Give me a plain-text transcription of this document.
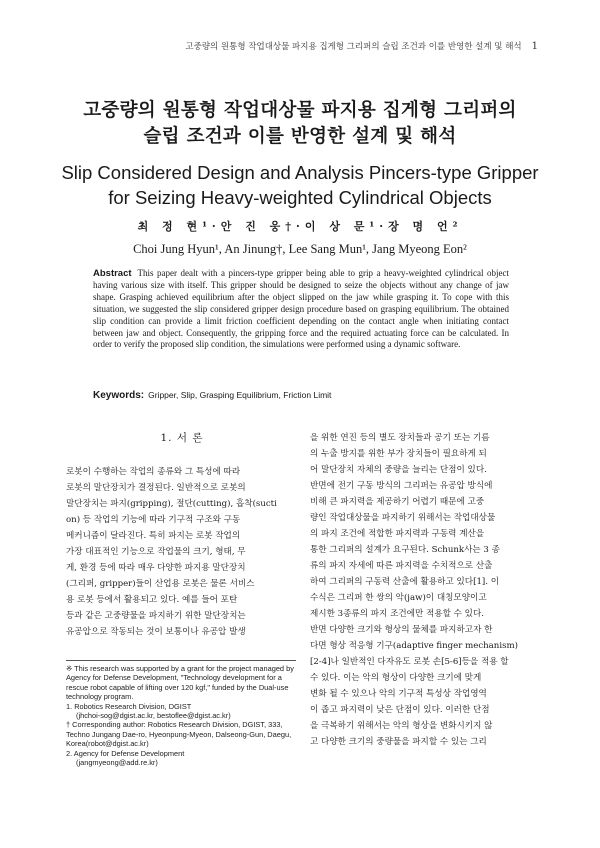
고중량의 원통형 작업대상물 파지용 집게형 그리퍼의 슬립 조건과 이를 반영한 설계 및 해석 1
고중량의 원통형 작업대상물 파지용 집게형 그리퍼의
슬립 조건과 이를 반영한 설계 및 해석
Slip Considered Design and Analysis Pincers-type Gripper
for Seizing Heavy-weighted Cylindrical Objects
최 정 현¹·안 진 웅†·이 상 문¹·장 명 언²
Choi Jung Hyun¹, An Jinung†, Lee Sang Mun¹, Jang Myeong Eon²
Abstract This paper dealt with a pincers-type gripper being able to grip a heavy-weighted cylindrical object having various size with itself. This gripper should be designed to seize the objects without any change of jaw shape. Grasping achieved equilibrium after the object slipped on the jaw while grasping it. To cope with this situation, we suggested the slip considered gripper design procedure based on grasping equilibrium. The obtained slip condition can provide a limit friction coefficient depending on the contact angle when initiating contact between jaw and object. Consequently, the gripping force and the required actuating force can be calculated. In order to verify the proposed slip condition, the simulations were performed using a dynamic software.
Keywords: Gripper, Slip, Grasping Equilibrium, Friction Limit
1. 서 론

로봇이 수행하는 작업의 종류와 그 특성에 따라

로봇의 말단장치가 결정된다. 일반적으로 로봇의

말단장치는 파지(gripping), 절단(cutting), 흡착(sucti

on) 등 작업의 기능에 따라 기구적 구조와 구동

메커니즘이 달라진다. 특히 파지는 로봇 작업의

가장 대표적인 기능으로 작업물의 크기, 형태, 무

게, 환경 등에 따라 매우 다양한 파지용 말단장치

(그리퍼, gripper)들이 산업용 로봇은 물론 서비스

용 로봇 등에서 활용되고 있다. 예를 들어 포탄

등과 같은 고중량물을 파지하기 위한 말단장치는

유공압으로 작동되는 것이 보통이나 유공압 발생

을 위한 연진 등의 별도 장치들과 공기 또는 기름

의 누출 방지를 위한 부가 장치들이 필요하게 되

어 말단장치 자체의 중량을 늘리는 단점이 있다.

반면에 전기 구동 방식의 그리퍼는 유공압 방식에

비해 큰 파지력을 제공하기 어렵기 때문에 고중

량인 작업대상물을 파지하기 위해서는 작업대상물

의 파지 조건에 적합한 파지력과 구동력 계산을

통한 그리퍼의 설계가 요구된다. Schunk사는 3 종

류의 파지 자세에 따른 파지력을 수치적으로 산출

하여 그리퍼의 구동력 산출에 활용하고 있다[1]. 이

수식은 그리퍼 한 쌍의 악(jaw)이 대칭모양이고

제시한 3종류의 파지 조건에만 적용할 수 있다.

반면 다양한 크기와 형상의 물체를 파지하고자 한

다면 형상 적응형 기구(adaptive finger mechanism)

[2-4]나 일반적인 다자유도 로봇 손[5-6]등을 적용 할

수 있다. 이는 악의 형상이 다양한 크기에 맞게

변화 될 수 있으나 악의 기구적 특성상 작업영역

이 좁고 파지력이 낮은 단점이 있다. 이러한 단점

을 극복하기 위해서는 악의 형상을 변화시키지 않

고 다양한 크기의 중량물을 파지할 수 있는 그리

※ This research was supported by a grant for the project managed by Agency for Defense Development, "Technology development for a rescue robot capable of lifting over 120 kgf," funded by the Dual-use technology program.
1. Robotics Research Division, DGIST
(jhchoi-sog@dgist.ac.kr, bestoflee@dgist.ac.kr)
† Corresponding author: Robotics Research Division, DGIST, 333, Techno Jungang Dae-ro, Hyeonpung-Myeon, Dalseong-Gun, Daegu, Korea(robot@dgist.ac.kr)
2. Agency for Defense Development
(jangmyeong@add.re.kr)
